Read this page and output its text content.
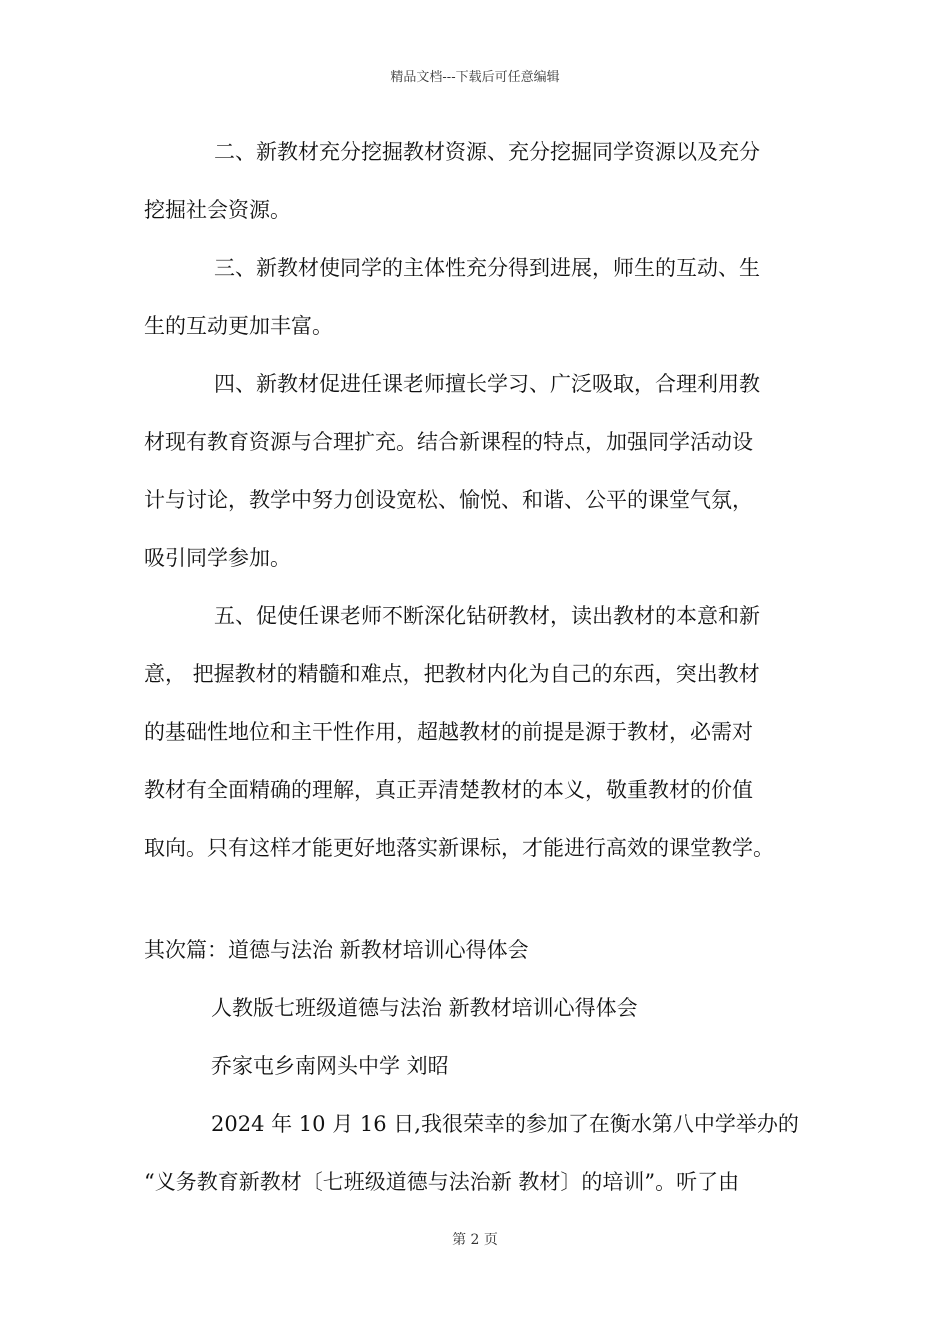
精品文档---下载后可任意编辑
二、新教材充分挖掘教材资源、充分挖掘同学资源以及充分
挖掘社会资源。
三、新教材使同学的主体性充分得到进展，师生的互动、生
生的互动更加丰富。
四、新教材促进任课老师擅长学习、广泛吸取，合理利用教
材现有教育资源与合理扩充。结合新课程的特点，加强同学活动设
计与讨论，教学中努力创设宽松、愉悦、和谐、公平的课堂气氛，
吸引同学参加。
五、促使任课老师不断深化钻研教材，读出教材的本意和新
意， 把握教材的精髓和难点，把教材内化为自己的东西，突出教材
的基础性地位和主干性作用，超越教材的前提是源于教材，必需对
教材有全面精确的理解，真正弄清楚教材的本义，敬重教材的价值
取向。只有这样才能更好地落实新课标，才能进行高效的课堂教学。
其次篇：道德与法治 新教材培训心得体会
人教版七班级道德与法治 新教材培训心得体会
乔家屯乡南网头中学 刘昭
2024 年 10 月 16 日,我很荣幸的参加了在衡水第八中学举办的
“义务教育新教材〔七班级道德与法治新 教材〕的培训”。听了由
第 2 页
